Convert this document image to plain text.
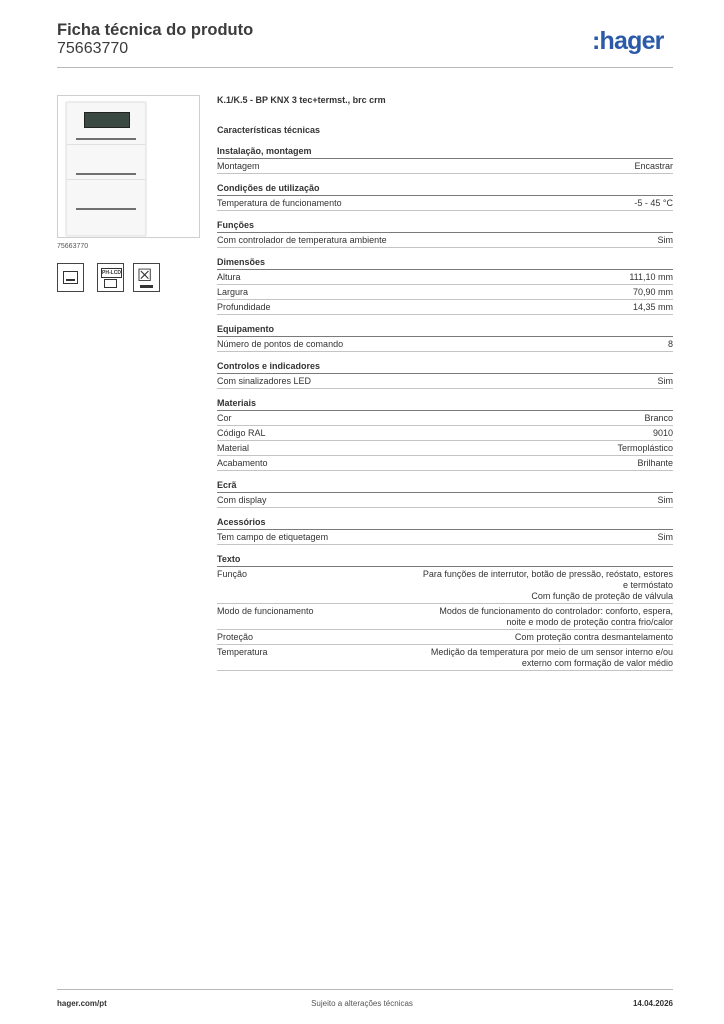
Ficha técnica do produto
75663770	:hager
75663770
PH-LCD ☒
K.1/K.5 - BP KNX 3 tec+termst., brc crm
Características técnicas
Instalação, montagem
Montagem	Encastrar
Condições de utilização
Temperatura de funcionamento	-5 - 45 °C
Funções
Com controlador de temperatura ambiente	Sim
Dimensões
Altura	111,10 mm
Largura	70,90 mm
Profundidade	14,35 mm
Equipamento
Número de pontos de comando	8
Controlos e indicadores
Com sinalizadores LED	Sim
Materiais
Cor	Branco
Código RAL	9010
Material	Termoplástico
Acabamento	Brilhante
Ecrã
Com display	Sim
Acessórios
Tem campo de etiquetagem	Sim
Texto
Função	Para funções de interrutor, botão de pressão, reóstato, estores
e termóstato
Com função de proteção de válvula
Modo de funcionamento	Modos de funcionamento do controlador: conforto, espera,
noite e modo de proteção contra frio/calor
Proteção	Com proteção contra desmantelamento
Temperatura	Medição da temperatura por meio de um sensor interno e/ou
externo com formação de valor médio
hager.com/pt	Sujeito a alterações técnicas	14.04.2026
